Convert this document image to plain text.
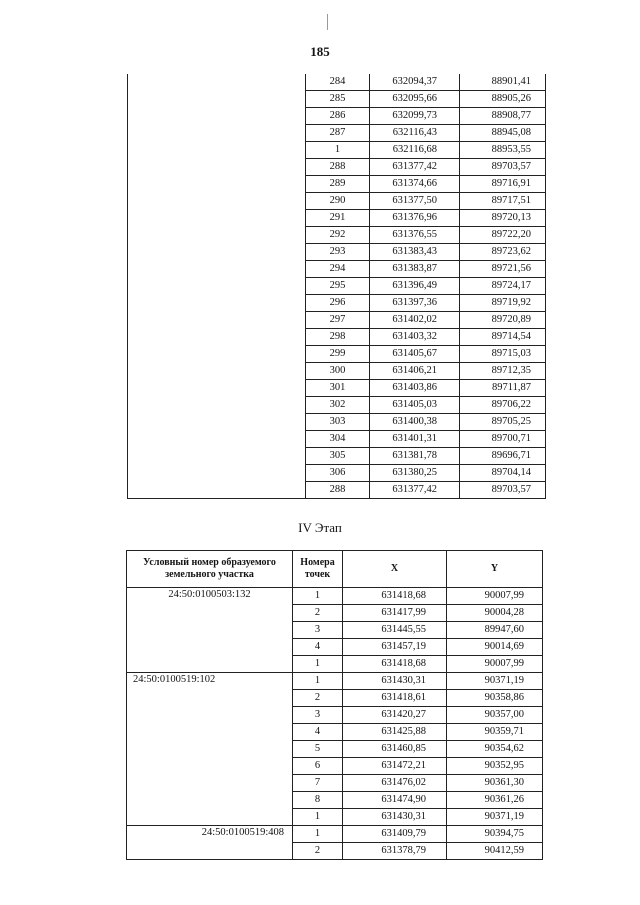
185

	284	632094,37	88901,41
	285	632095,66	88905,26
	286	632099,73	88908,77
	287	632116,43	88945,08
	1	632116,68	88953,55
	288	631377,42	89703,57
	289	631374,66	89716,91
	290	631377,50	89717,51
	291	631376,96	89720,13
	292	631376,55	89722,20
	293	631383,43	89723,62
	294	631383,87	89721,56
	295	631396,49	89724,17
	296	631397,36	89719,92
	297	631402,02	89720,89
	298	631403,32	89714,54
	299	631405,67	89715,03
	300	631406,21	89712,35
	301	631403,86	89711,87
	302	631405,03	89706,22
	303	631400,38	89705,25
	304	631401,31	89700,71
	305	631381,78	89696,71
	306	631380,25	89704,14
	288	631377,42	89703,57
IV Этап
Условный номер образуемого земельного участка	Номера точек	X	Y
24:50:0100503:132	1	631418,68	90007,99
	2	631417,99	90004,28
	3	631445,55	89947,60
	4	631457,19	90014,69
	1	631418,68	90007,99
24:50:0100519:102	1	631430,31	90371,19
	2	631418,61	90358,86
	3	631420,27	90357,00
	4	631425,88	90359,71
	5	631460,85	90354,62
	6	631472,21	90352,95
	7	631476,02	90361,30
	8	631474,90	90361,26
	1	631430,31	90371,19
24:50:0100519:408	1	631409,79	90394,75
	2	631378,79	90412,59
